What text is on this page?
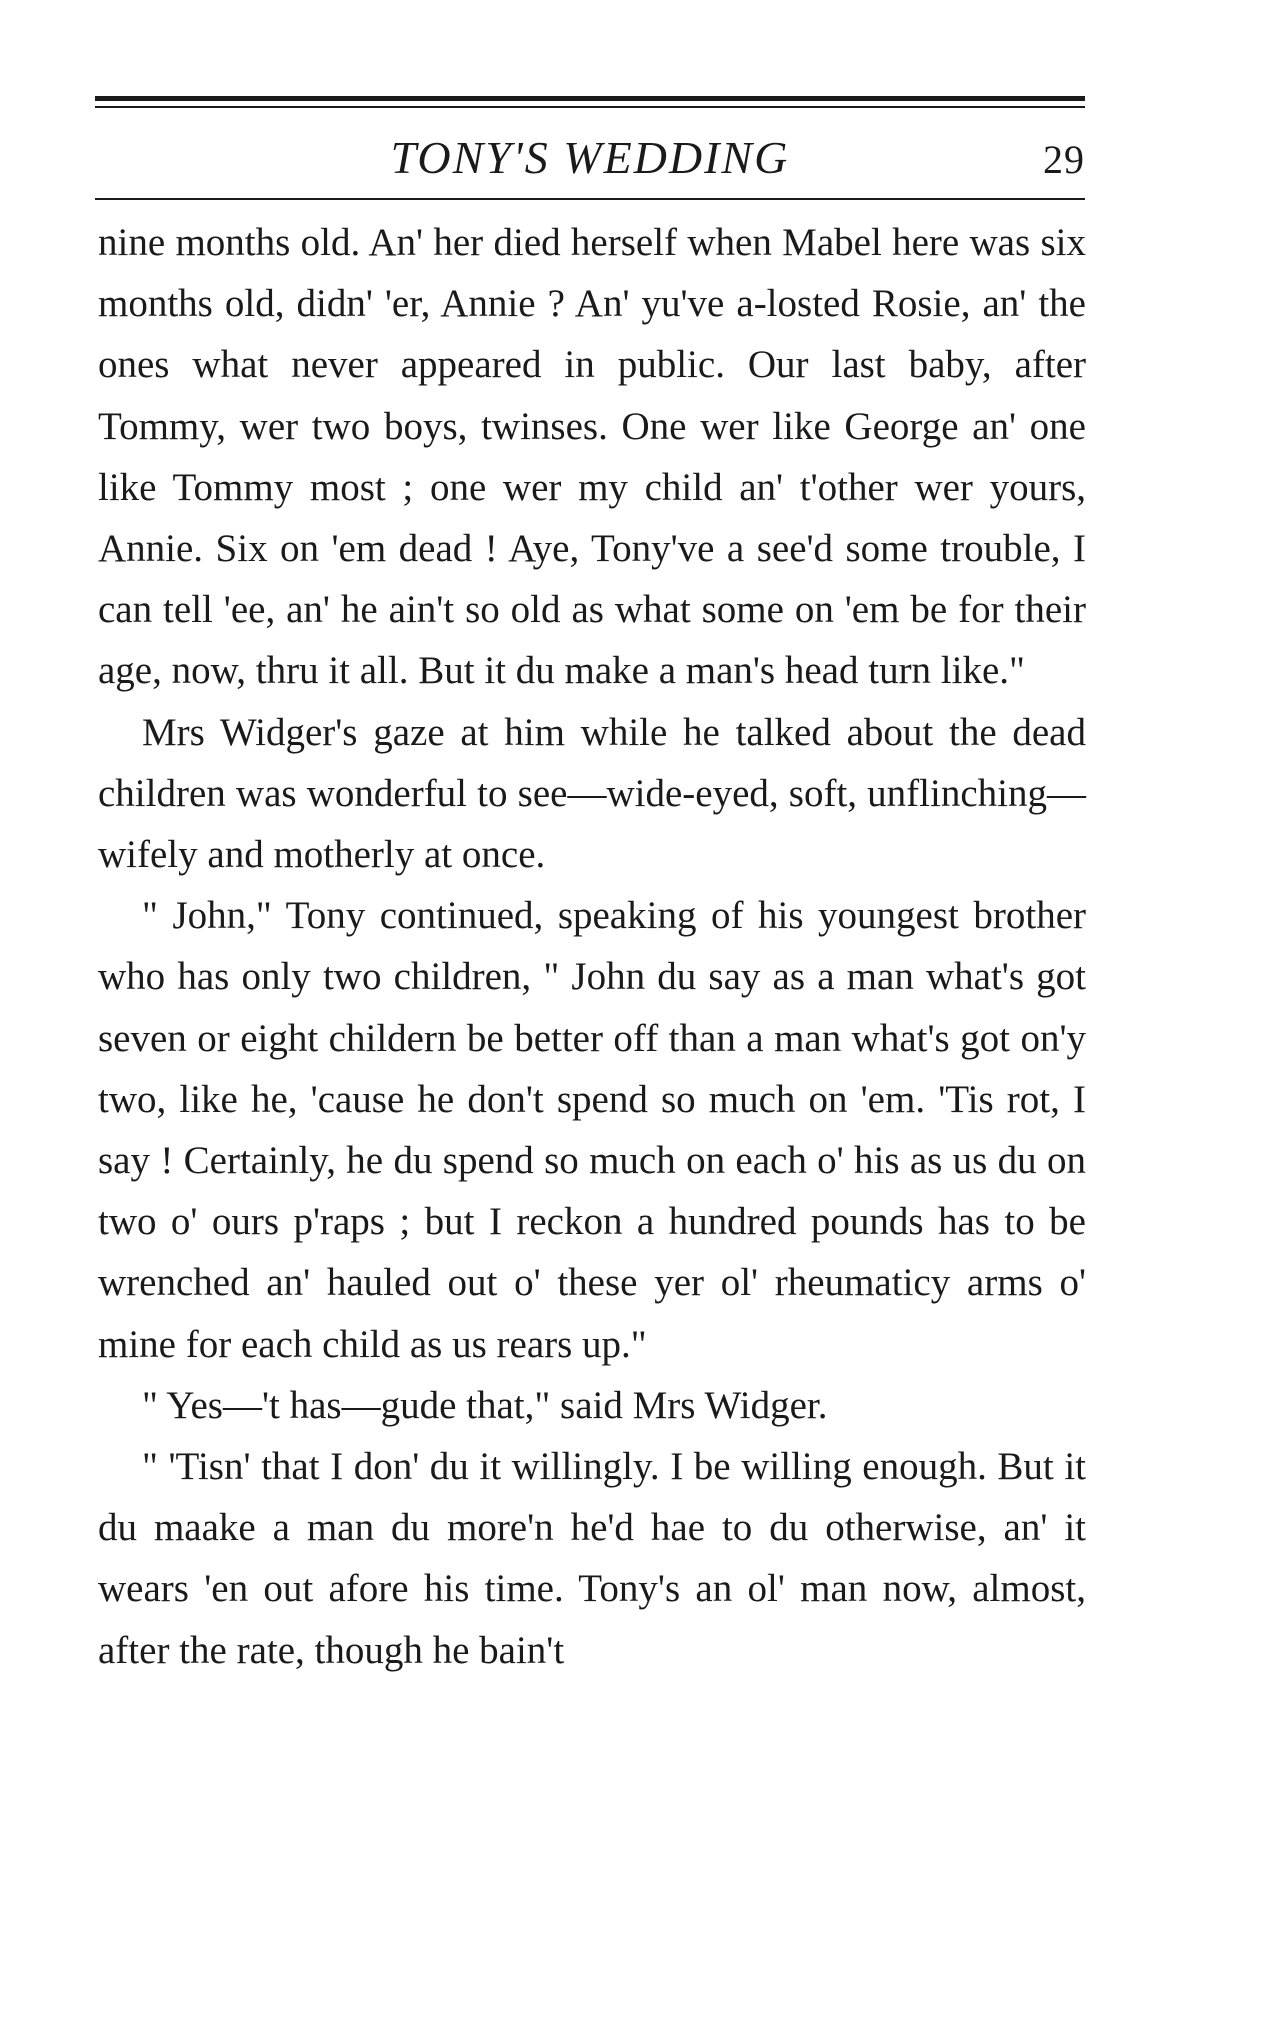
TONY'S WEDDING	29

nine months old. An' her died herself when Mabel here was six months old, didn' 'er, Annie ? An' yu've a-losted Rosie, an' the ones what never appeared in public. Our last baby, after Tommy, wer two boys, twinses. One wer like George an' one like Tommy most ; one wer my child an' t'other wer yours, Annie. Six on 'em dead ! Aye, Tony've a see'd some trouble, I can tell 'ee, an' he ain't so old as what some on 'em be for their age, now, thru it all. But it du make a man's head turn like."

Mrs Widger's gaze at him while he talked about the dead children was wonderful to see—wide-eyed, soft, unflinching—wifely and motherly at once.

" John," Tony continued, speaking of his youngest brother who has only two children, " John du say as a man what's got seven or eight childern be better off than a man what's got on'y two, like he, 'cause he don't spend so much on 'em. 'Tis rot, I say ! Certainly, he du spend so much on each o' his as us du on two o' ours p'raps ; but I reckon a hundred pounds has to be wrenched an' hauled out o' these yer ol' rheumaticy arms o' mine for each child as us rears up."

" Yes—'t has—gude that," said Mrs Widger.

" 'Tisn' that I don' du it willingly. I be willing enough. But it du maake a man du more'n he'd hae to du otherwise, an' it wears 'en out afore his time. Tony's an ol' man now, almost, after the rate, though he bain't
